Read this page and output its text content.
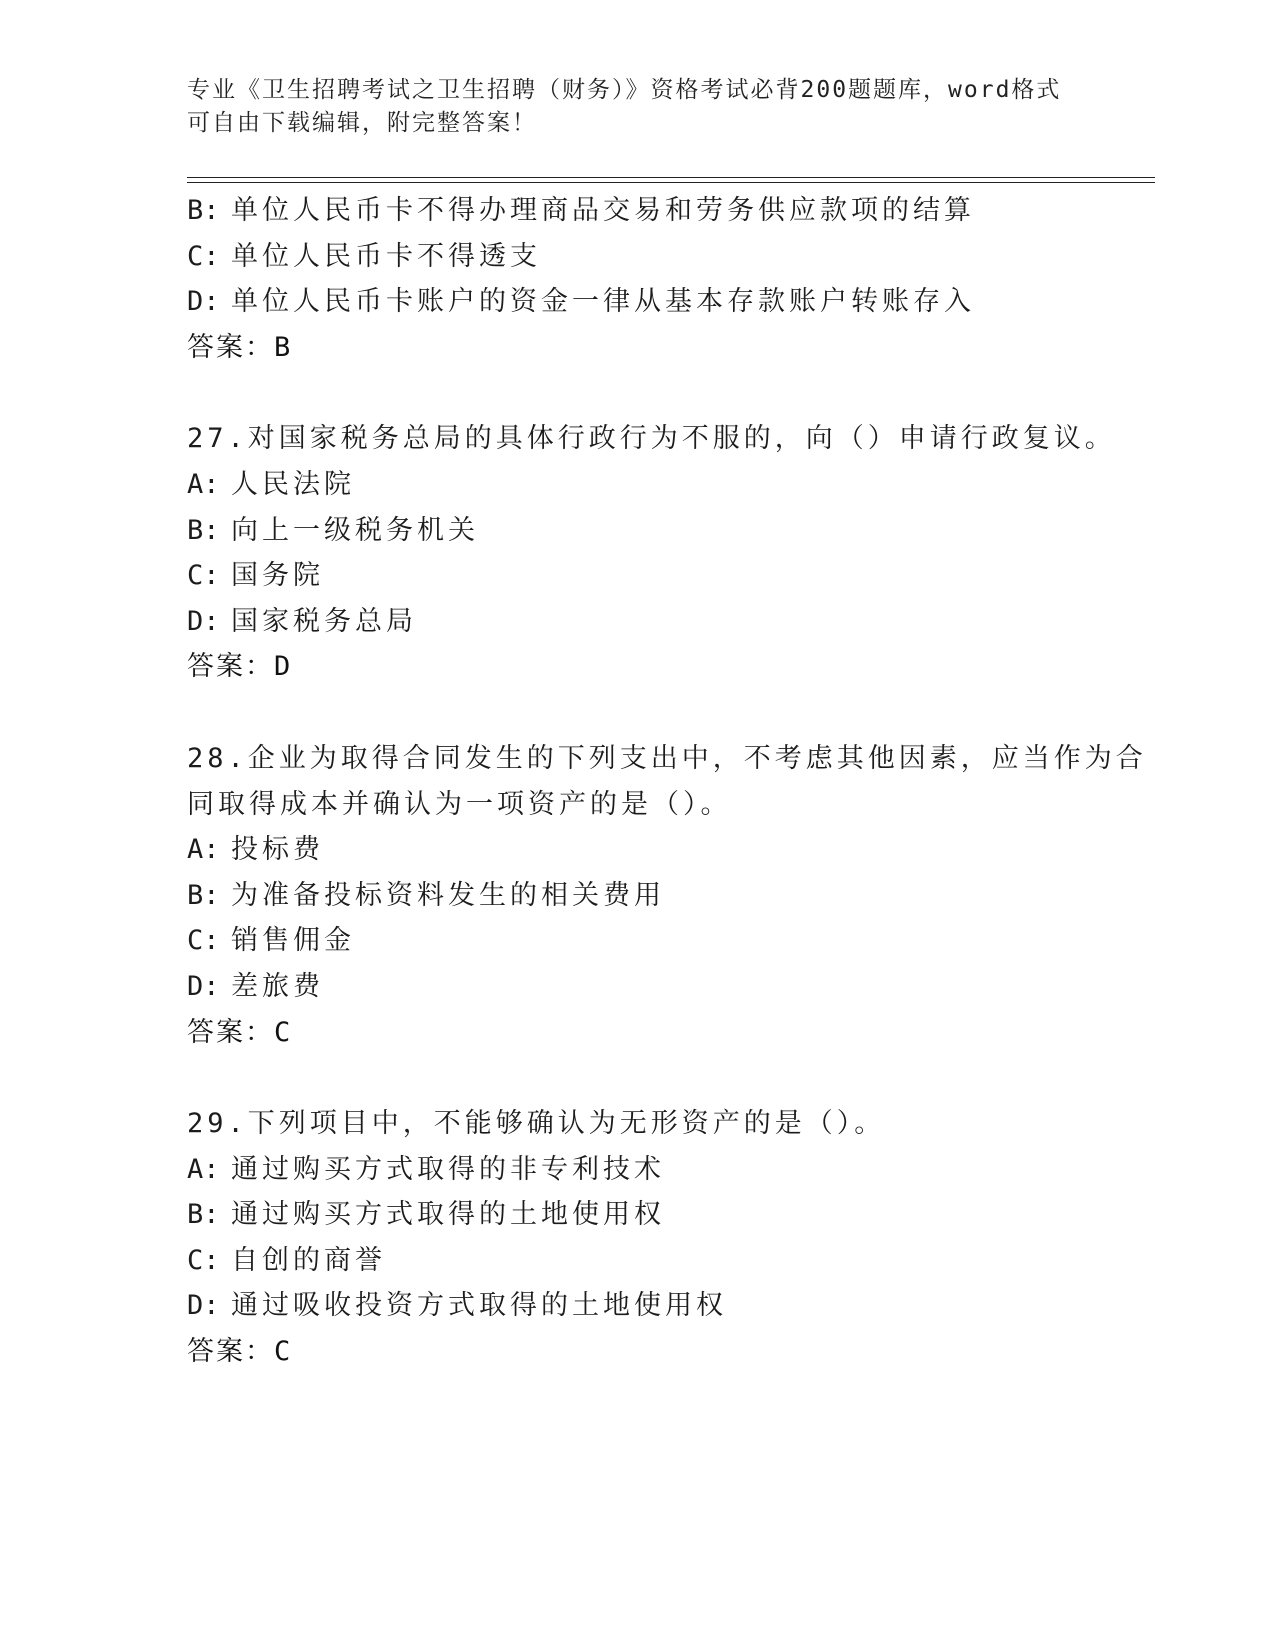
专业《卫生招聘考试之卫生招聘（财务）》资格考试必背200题题库，word格式
可自由下载编辑，附完整答案！
B: 单位人民币卡不得办理商品交易和劳务供应款项的结算
C: 单位人民币卡不得透支
D: 单位人民币卡账户的资金一律从基本存款账户转账存入
答案：B
27.对国家税务总局的具体行政行为不服的，向（）申请行政复议。
A: 人民法院
B: 向上一级税务机关
C: 国务院
D: 国家税务总局
答案：D
28.企业为取得合同发生的下列支出中，不考虑其他因素，应当作为合
同取得成本并确认为一项资产的是（）。
A: 投标费
B: 为准备投标资料发生的相关费用
C: 销售佣金
D: 差旅费
答案：C
29.下列项目中，不能够确认为无形资产的是（）。
A: 通过购买方式取得的非专利技术
B: 通过购买方式取得的土地使用权
C: 自创的商誉
D: 通过吸收投资方式取得的土地使用权
答案：C
